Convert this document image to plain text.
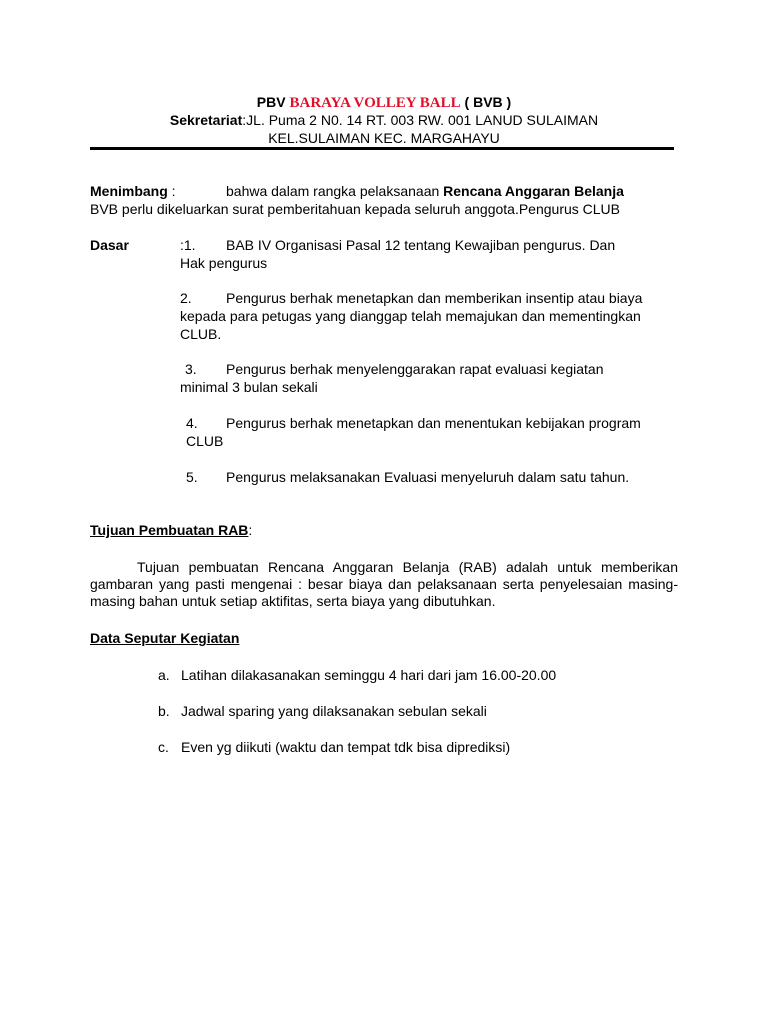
PBV BARAYA VOLLEY BALL ( BVB )
Sekretariat:JL. Puma 2 N0. 14 RT. 003 RW. 001 LANUD SULAIMAN
KEL.SULAIMAN KEC. MARGAHAYU
Menimbang :	bahwa dalam rangka pelaksanaan Rencana Anggaran Belanja
BVB perlu dikeluarkan surat pemberitahuan kepada seluruh anggota.Pengurus CLUB
Dasar	:1. BAB IV Organisasi Pasal 12 tentang Kewajiban pengurus. Dan
Hak pengurus
2. Pengurus berhak menetapkan dan memberikan insentip atau biaya
kepada para petugas yang dianggap telah memajukan dan mementingkan
CLUB.
3. Pengurus berhak menyelenggarakan rapat evaluasi kegiatan
minimal 3 bulan sekali
4. Pengurus berhak menetapkan dan menentukan kebijakan program
CLUB
5. Pengurus melaksanakan Evaluasi menyeluruh dalam satu tahun.
Tujuan Pembuatan RAB:
Tujuan pembuatan Rencana Anggaran Belanja (RAB) adalah untuk memberikan gambaran yang pasti mengenai : besar biaya dan pelaksanaan serta penyelesaian masing-masing bahan untuk setiap aktifitas, serta biaya yang dibutuhkan.
Data Seputar Kegiatan
a. Latihan dilakasanakan seminggu 4 hari dari jam 16.00-20.00
b. Jadwal sparing yang dilaksanakan sebulan sekali
c. Even yg diikuti (waktu dan tempat tdk bisa diprediksi)
